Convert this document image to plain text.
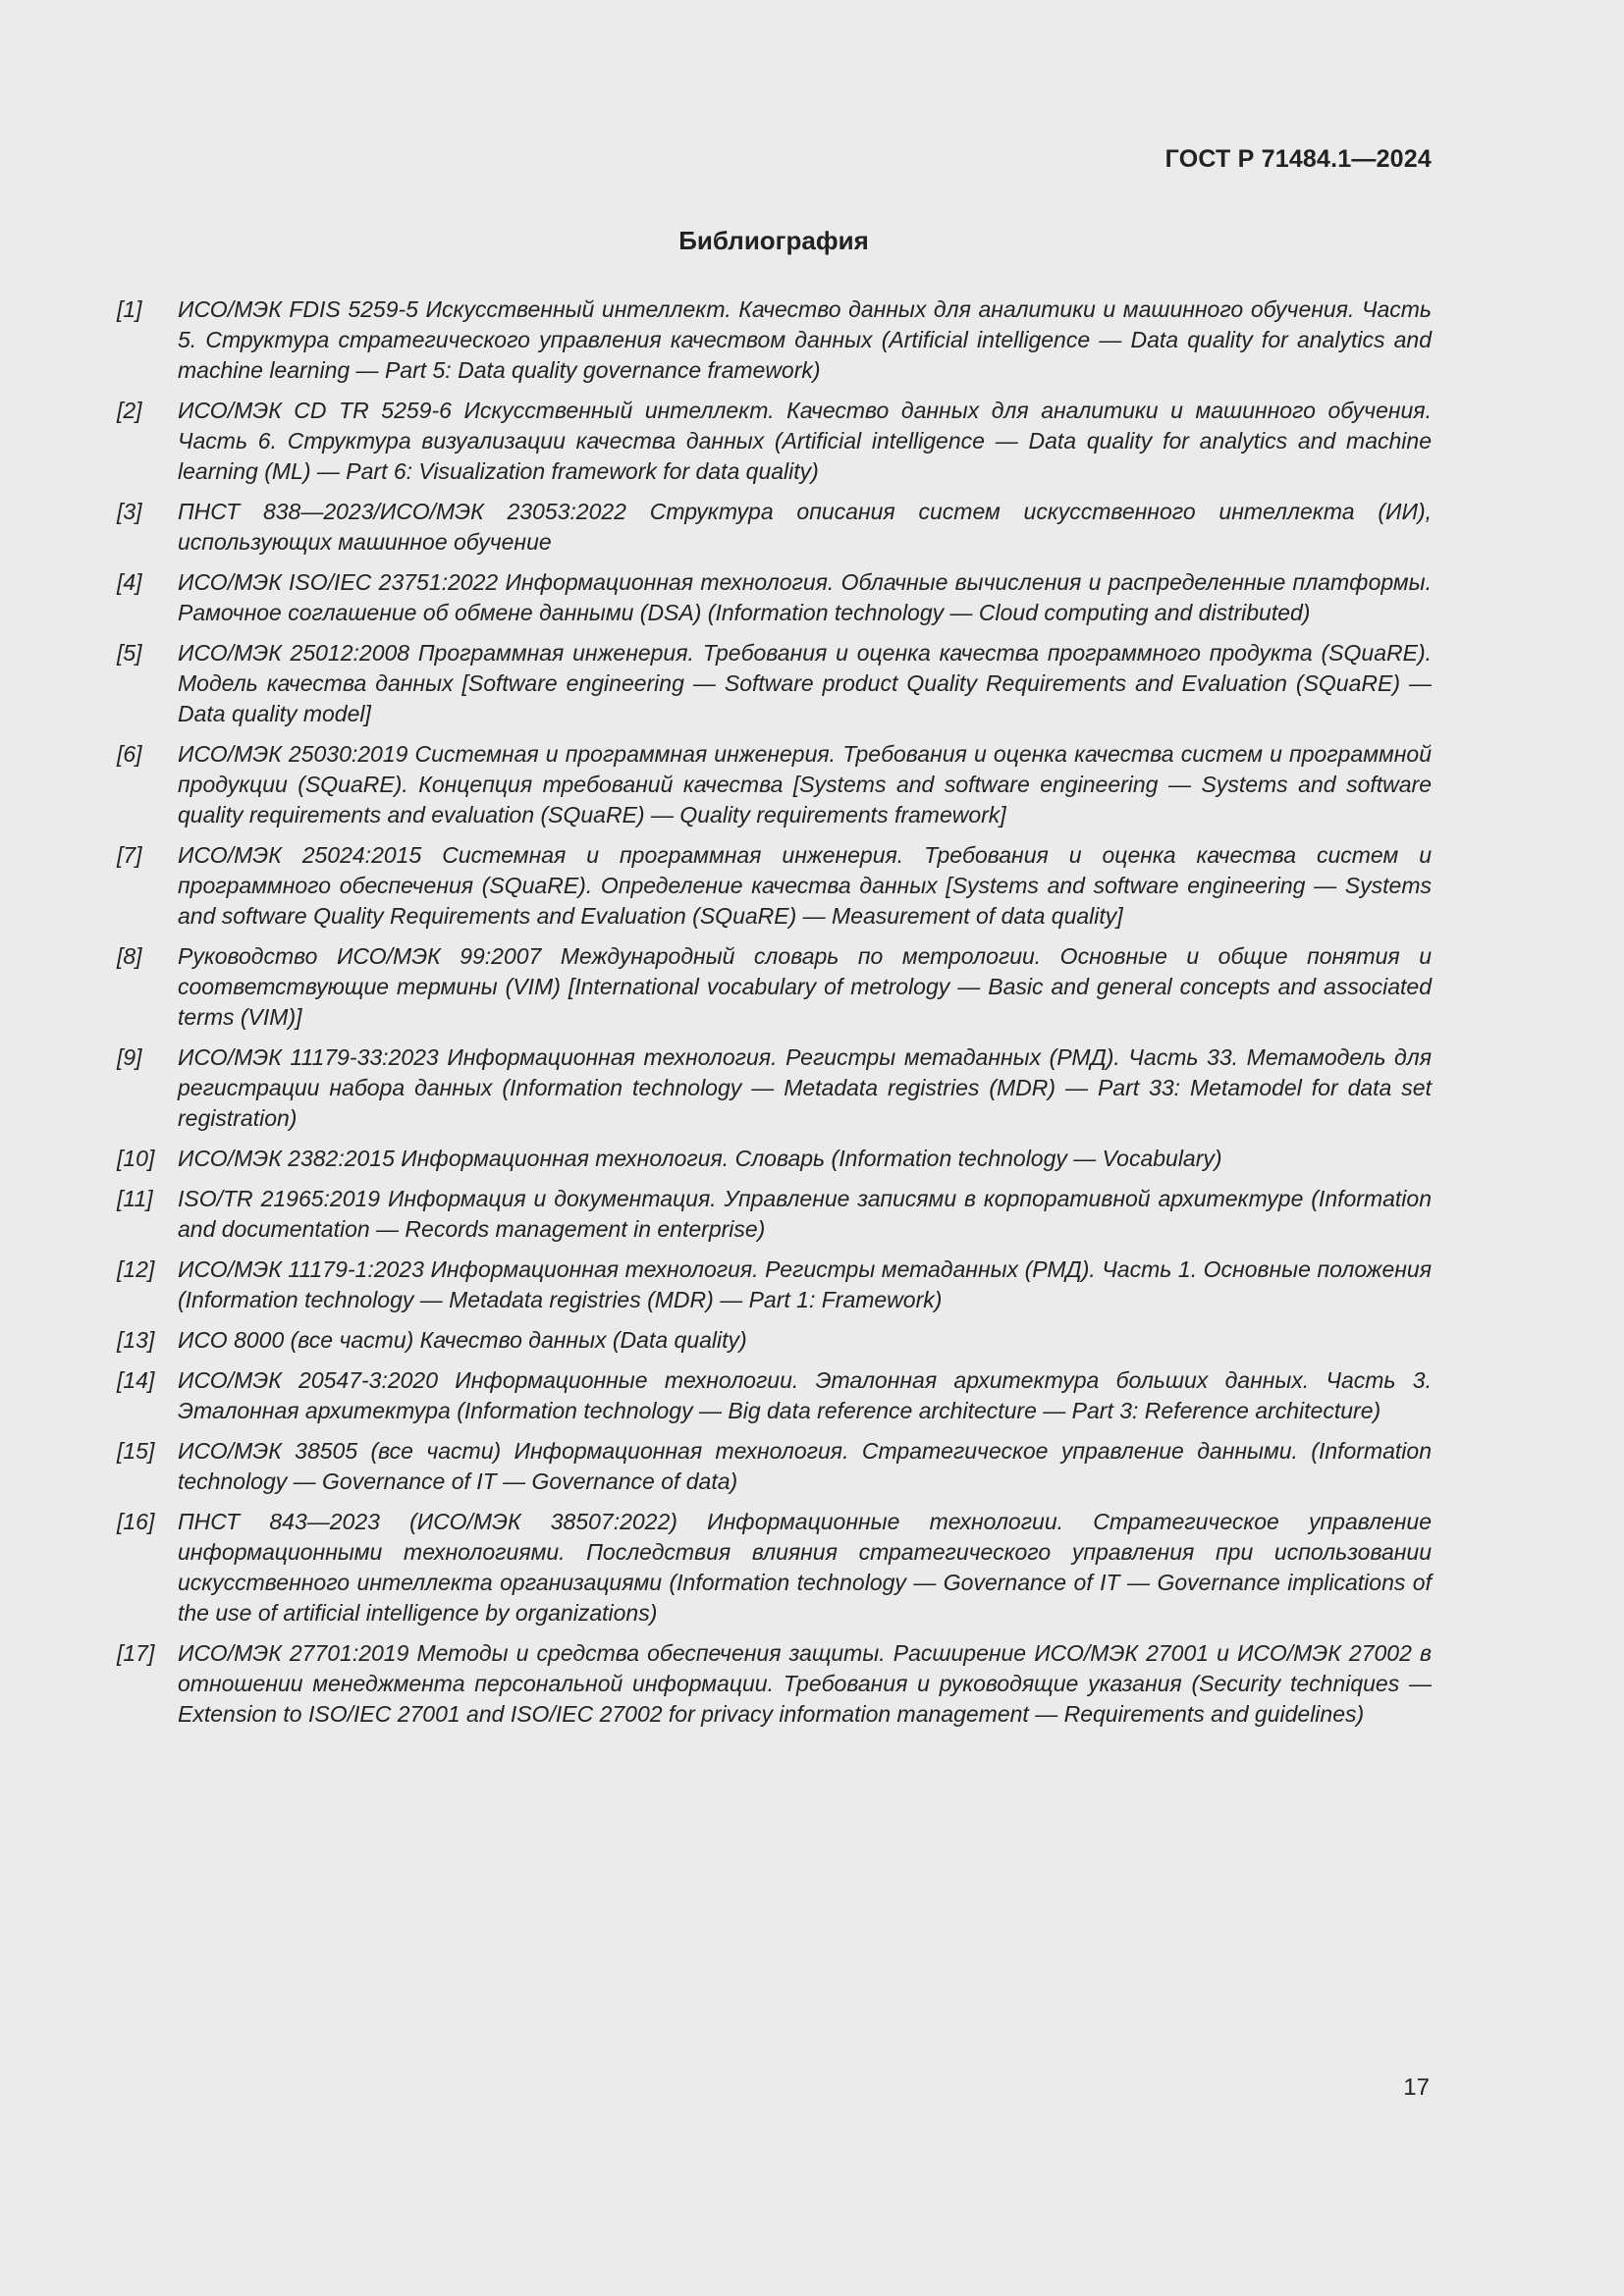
ГОСТ Р 71484.1—2024

Библиография
[1]	ИСО/МЭК FDIS 5259-5 Искусственный интеллект. Качество данных для аналитики и машинного обучения. Часть 5. Структура стратегического управления качеством данных (Artificial intelligence — Data quality for analytics and machine learning — Part 5: Data quality governance framework)
[2]	ИСО/МЭК CD TR 5259-6 Искусственный интеллект. Качество данных для аналитики и машинного обучения. Часть 6. Структура визуализации качества данных (Artificial intelligence — Data quality for analytics and machine learning (ML) — Part 6: Visualization framework for data quality)
[3]	ПНСТ 838—2023/ИСО/МЭК 23053:2022 Структура описания систем искусственного интеллекта (ИИ), использующих машинное обучение
[4]	ИСО/МЭК ISO/IEC 23751:2022 Информационная технология. Облачные вычисления и распределенные платформы. Рамочное соглашение об обмене данными (DSA) (Information technology — Cloud computing and distributed)
[5]	ИСО/МЭК 25012:2008 Программная инженерия. Требования и оценка качества программного продукта (SQuaRE). Модель качества данных [Software engineering — Software product Quality Requirements and Evaluation (SQuaRE) — Data quality model]
[6]	ИСО/МЭК 25030:2019 Системная и программная инженерия. Требования и оценка качества систем и программной продукции (SQuaRE). Концепция требований качества [Systems and software engineering — Systems and software quality requirements and evaluation (SQuaRE) — Quality requirements framework]
[7]	ИСО/МЭК 25024:2015 Системная и программная инженерия. Требования и оценка качества систем и программного обеспечения (SQuaRE). Определение качества данных [Systems and software engineering — Systems and software Quality Requirements and Evaluation (SQuaRE) — Measurement of data quality]
[8]	Руководство ИСО/МЭК 99:2007 Международный словарь по метрологии. Основные и общие понятия и соответствующие термины (VIM) [International vocabulary of metrology — Basic and general concepts and associated terms (VIM)]
[9]	ИСО/МЭК 11179-33:2023 Информационная технология. Регистры метаданных (РМД). Часть 33. Метамодель для регистрации набора данных (Information technology — Metadata registries (MDR) — Part 33: Metamodel for data set registration)
[10]	ИСО/МЭК 2382:2015 Информационная технология. Словарь (Information technology — Vocabulary)
[11]	ISO/TR 21965:2019 Информация и документация. Управление записями в корпоративной архитектуре (Information and documentation — Records management in enterprise)
[12]	ИСО/МЭК 11179-1:2023 Информационная технология. Регистры метаданных (РМД). Часть 1. Основные положения (Information technology — Metadata registries (MDR) — Part 1: Framework)
[13]	ИСО 8000 (все части) Качество данных (Data quality)
[14]	ИСО/МЭК 20547-3:2020 Информационные технологии. Эталонная архитектура больших данных. Часть 3. Эталонная архитектура (Information technology — Big data reference architecture — Part 3: Reference architecture)
[15]	ИСО/МЭК 38505 (все части) Информационная технология. Стратегическое управление данными. (Information technology — Governance of IT — Governance of data)
[16]	ПНСТ 843—2023 (ИСО/МЭК 38507:2022) Информационные технологии. Стратегическое управление информационными технологиями. Последствия влияния стратегического управления при использовании искусственного интеллекта организациями (Information technology — Governance of IT — Governance implications of the use of artificial intelligence by organizations)
[17]	ИСО/МЭК 27701:2019 Методы и средства обеспечения защиты. Расширение ИСО/МЭК 27001 и ИСО/МЭК 27002 в отношении менеджмента персональной информации. Требования и руководящие указания (Security techniques — Extension to ISO/IEC 27001 and ISO/IEC 27002 for privacy information management — Requirements and guidelines)

17
